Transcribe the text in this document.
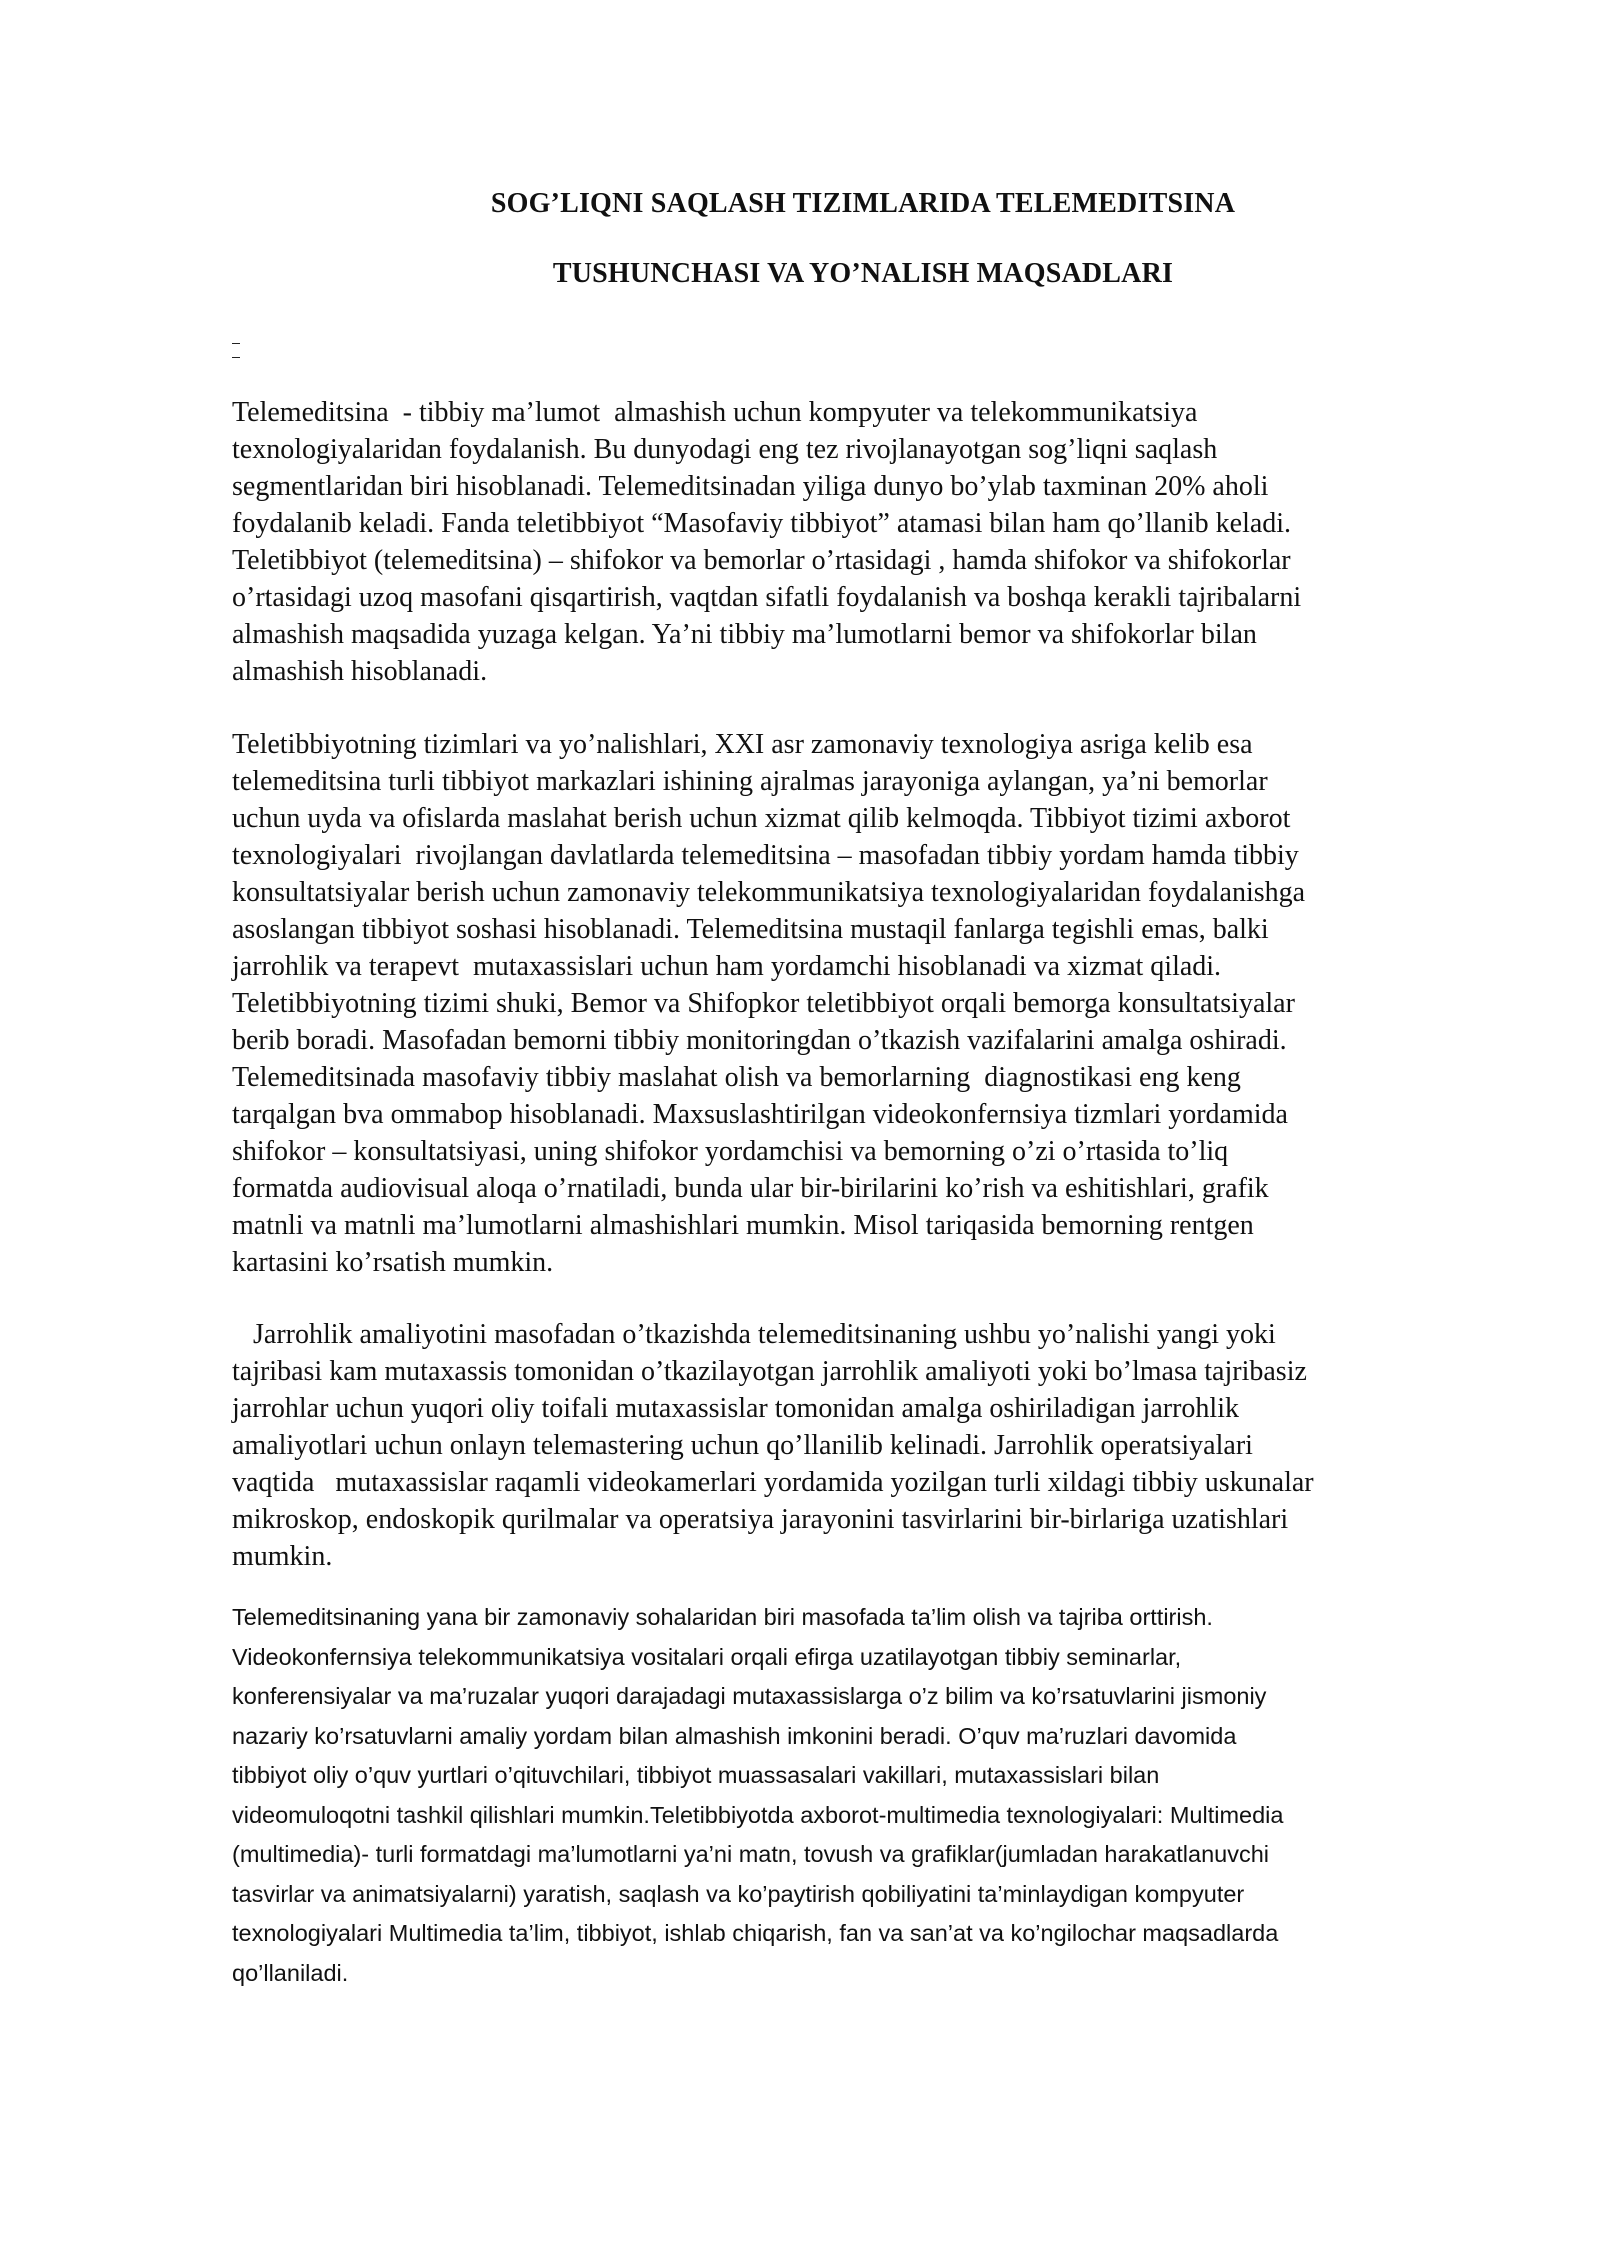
SOG’LIQNI SAQLASH TIZIMLARIDA TELEMEDITSINA
TUSHUNCHASI VA YO’NALISH MAQSADLARI
Telemeditsina  - tibbiy ma’lumot  almashish uchun kompyuter va telekommunikatsiya
texnologiyalaridan foydalanish. Bu dunyodagi eng tez rivojlanayotgan sog’liqni saqlash
segmentlaridan biri hisoblanadi. Telemeditsinadan yiliga dunyo bo’ylab taxminan 20% aholi
foydalanib keladi. Fanda teletibbiyot “Masofaviy tibbiyot” atamasi bilan ham qo’llanib keladi.
Teletibbiyot (telemeditsina) – shifokor va bemorlar o’rtasidagi , hamda shifokor va shifokorlar
o’rtasidagi uzoq masofani qisqartirish, vaqtdan sifatli foydalanish va boshqa kerakli tajribalarni
almashish maqsadida yuzaga kelgan. Ya’ni tibbiy ma’lumotlarni bemor va shifokorlar bilan
almashish hisoblanadi.
Teletibbiyotning tizimlari va yo’nalishlari, XXI asr zamonaviy texnologiya asriga kelib esa
telemeditsina turli tibbiyot markazlari ishining ajralmas jarayoniga aylangan, ya’ni bemorlar
uchun uyda va ofislarda maslahat berish uchun xizmat qilib kelmoqda. Tibbiyot tizimi axborot
texnologiyalari  rivojlangan davlatlarda telemeditsina – masofadan tibbiy yordam hamda tibbiy
konsultatsiyalar berish uchun zamonaviy telekommunikatsiya texnologiyalaridan foydalanishga
asoslangan tibbiyot soshasi hisoblanadi. Telemeditsina mustaqil fanlarga tegishli emas, balki
jarrohlik va terapevt  mutaxassislari uchun ham yordamchi hisoblanadi va xizmat qiladi.
Teletibbiyotning tizimi shuki, Bemor va Shifopkor teletibbiyot orqali bemorga konsultatsiyalar
berib boradi. Masofadan bemorni tibbiy monitoringdan o’tkazish vazifalarini amalga oshiradi.
Telemeditsinada masofaviy tibbiy maslahat olish va bemorlarning  diagnostikasi eng keng
tarqalgan bva ommabop hisoblanadi. Maxsuslashtirilgan videokonfernsiya tizmlari yordamida
shifokor – konsultatsiyasi, uning shifokor yordamchisi va bemorning o’zi o’rtasida to’liq
formatda audiovisual aloqa o’rnatiladi, bunda ular bir-birilarini ko’rish va eshitishlari, grafik
matnli va matnli ma’lumotlarni almashishlari mumkin. Misol tariqasida bemorning rentgen
kartasini ko’rsatish mumkin.
Jarrohlik amaliyotini masofadan o’tkazishda telemeditsinaning ushbu yo’nalishi yangi yoki
tajribasi kam mutaxassis tomonidan o’tkazilayotgan jarrohlik amaliyoti yoki bo’lmasa tajribasiz
jarrohlar uchun yuqori oliy toifali mutaxassislar tomonidan amalga oshiriladigan jarrohlik
amaliyotlari uchun onlayn telemastering uchun qo’llanilib kelinadi. Jarrohlik operatsiyalari
vaqtida   mutaxassislar raqamli videokamerlari yordamida yozilgan turli xildagi tibbiy uskunalar
mikroskop, endoskopik qurilmalar va operatsiya jarayonini tasvirlarini bir-birlariga uzatishlari
mumkin.
Telemeditsinaning yana bir zamonaviy sohalaridan biri masofada ta’lim olish va tajriba orttirish.
Videokonfernsiya telekommunikatsiya vositalari orqali efirga uzatilayotgan tibbiy seminarlar,
konferensiyalar va ma’ruzalar yuqori darajadagi mutaxassislarga o’z bilim va ko’rsatuvlarini jismoniy
nazariy ko’rsatuvlarni amaliy yordam bilan almashish imkonini beradi. O’quv ma’ruzlari davomida
tibbiyot oliy o’quv yurtlari o’qituvchilari, tibbiyot muassasalari vakillari, mutaxassislari bilan
videomuloqotni tashkil qilishlari mumkin.Teletibbiyotda axborot-multimedia texnologiyalari: Multimedia
(multimedia)- turli formatdagi ma’lumotlarni ya’ni matn, tovush va grafiklar(jumladan harakatlanuvchi
tasvirlar va animatsiyalarni) yaratish, saqlash va ko’paytirish qobiliyatini ta’minlaydigan kompyuter
texnologiyalari Multimedia ta’lim, tibbiyot, ishlab chiqarish, fan va san’at va ko’ngilochar maqsadlarda
qo’llaniladi.
